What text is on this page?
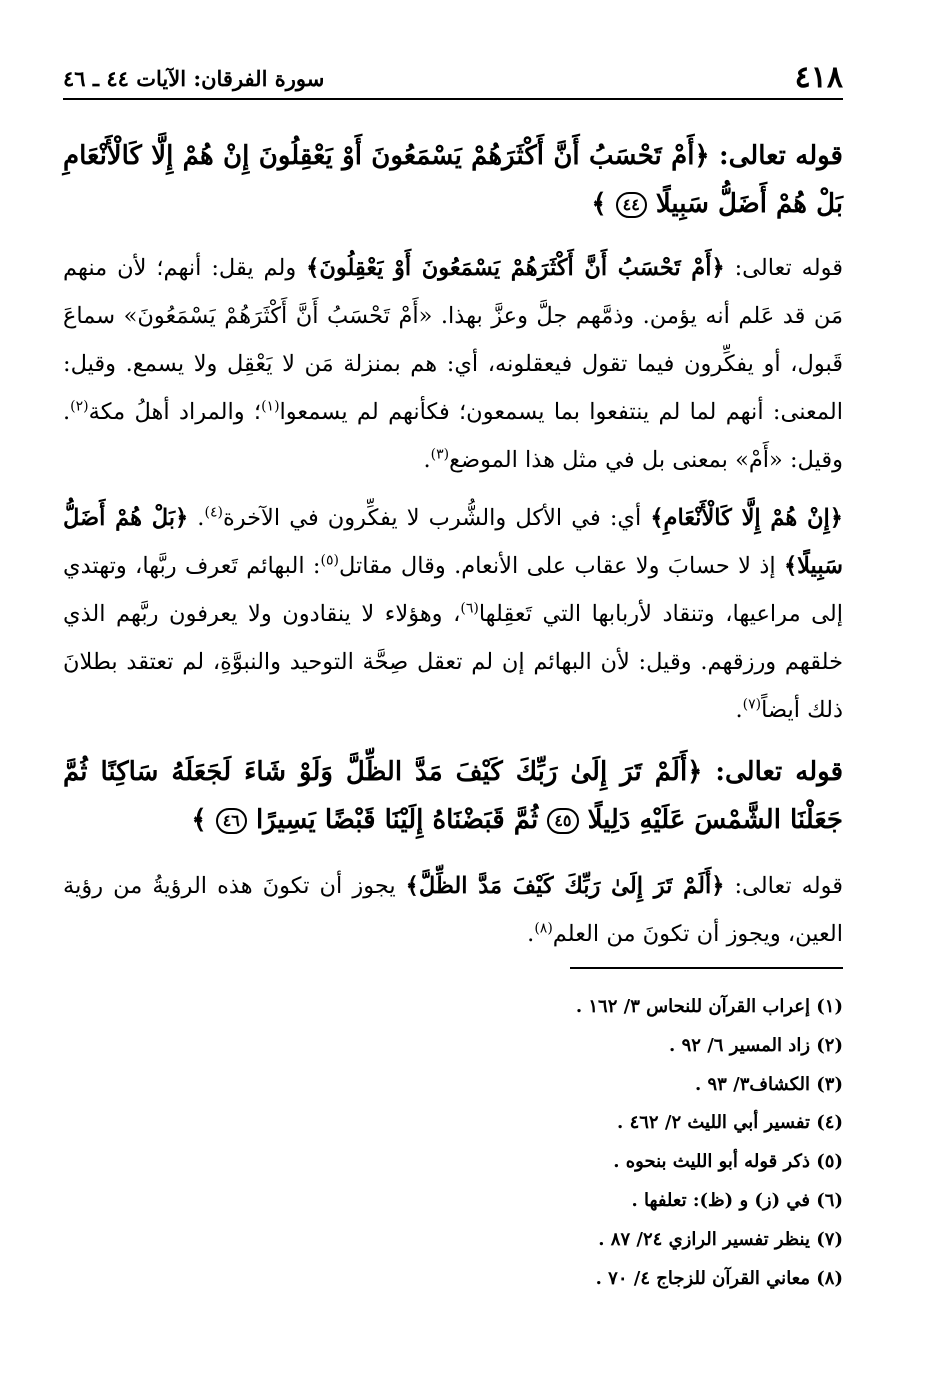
٤١٨
سورة الفرقان: الآيات ٤٤ ـ ٤٦
قوله تعالى: ﴿أَمْ تَحْسَبُ أَنَّ أَكْثَرَهُمْ يَسْمَعُونَ أَوْ يَعْقِلُونَ إِنْ هُمْ إِلَّا كَالْأَنْعَامِ بَلْ هُمْ أَضَلُّ سَبِيلًا ٤٤ ﴾
قوله تعالى: ﴿أَمْ تَحْسَبُ أَنَّ أَكْثَرَهُمْ يَسْمَعُونَ أَوْ يَعْقِلُونَ﴾ ولم يقل: أنهم؛ لأن منهم مَن قد عَلم أنه يؤمن. وذمَّهم جلَّ وعزَّ بهذا. «أَمْ تَحْسَبُ أَنَّ أَكْثَرَهُمْ يَسْمَعُونَ» سماعَ قَبول، أو يفكِّرون فيما تقول فيعقلونه، أي: هم بمنزلة مَن لا يَعْقِل ولا يسمع. وقيل: المعنى: أنهم لما لم ينتفعوا بما يسمعون؛ فكأنهم لم يسمعوا$^{(١)}$؛ والمراد أهلُ مكة$^{(٢)}$. وقيل: «أَمْ» بمعنى بل في مثل هذا الموضع$^{(٣)}$.
﴿إِنْ هُمْ إِلَّا كَالْأَنْعَامِ﴾ أي: في الأكل والشُّرب لا يفكِّرون في الآخرة$^{(٤)}$. ﴿بَلْ هُمْ أَضَلُّ سَبِيلًا﴾ إذ لا حسابَ ولا عقاب على الأنعام. وقال مقاتل$^{(٥)}$: البهائم تَعرف ربَّها، وتهتدي إلى مراعيها، وتنقاد لأربابها التي تَعقِلها$^{(٦)}$، وهؤلاء لا ينقادون ولا يعرفون ربَّهم الذي خلقهم ورزقهم. وقيل: لأن البهائم إن لم تعقل صِحَّة التوحيد والنبوَّةِ، لم تعتقد بطلانَ ذلك أيضاً$^{(٧)}$.
قوله تعالى: ﴿أَلَمْ تَرَ إِلَىٰ رَبِّكَ كَيْفَ مَدَّ الظِّلَّ وَلَوْ شَاءَ لَجَعَلَهُ سَاكِنًا ثُمَّ جَعَلْنَا الشَّمْسَ عَلَيْهِ دَلِيلًا ٤٥ ثُمَّ قَبَضْنَاهُ إِلَيْنَا قَبْضًا يَسِيرًا ٤٦ ﴾
قوله تعالى: ﴿أَلَمْ تَرَ إِلَىٰ رَبِّكَ كَيْفَ مَدَّ الظِّلَّ﴾ يجوز أن تكونَ هذه الرؤيةُ من رؤية العين، ويجوز أن تكونَ من العلم$^{(٨)}$.
(١) إعراب القرآن للنحاس ٣/ ١٦٢ .
(٢) زاد المسير ٦/ ٩٢ .
(٣) الكشاف٣/ ٩٣ .
(٤) تفسير أبي الليث ٢/ ٤٦٢ .
(٥) ذكر قوله أبو الليث بنحوه .
(٦) في (ز) و (ظ): تعلفها .
(٧) ينظر تفسير الرازي ٢٤/ ٨٧ .
(٨) معاني القرآن للزجاج ٤/ ٧٠ .
